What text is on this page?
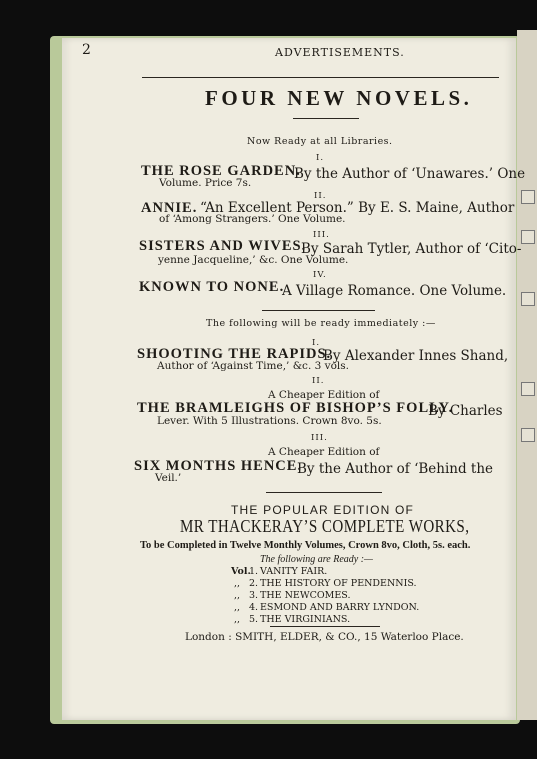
2	ADVERTISEMENTS.
FOUR NEW NOVELS.
Now Ready at all Libraries.
I.
THE ROSE GARDEN.
By the Author of ‘Unawares.’ One
Volume. Price 7s.
II.
ANNIE. “An Excellent Person.” By E. S. Maine, Author
of ‘Among Strangers.’ One Volume.
III.
SISTERS AND WIVES.
By Sarah Tytler, Author of ‘Cito-
yenne Jacqueline,’ &c. One Volume.
IV.
KNOWN TO NONE.
A Village Romance. One Volume.
The following will be ready immediately :—
I.
SHOOTING THE RAPIDS.
By Alexander Innes Shand,
Author of ‘Against Time,’ &c. 3 vols.
II.
A Cheaper Edition of
THE BRAMLEIGHS OF BISHOP’S FOLLY.
By Charles
Lever. With 5 Illustrations. Crown 8vo. 5s.
III.
A Cheaper Edition of
SIX MONTHS HENCE.
By the Author of ‘Behind the
Veil.’
THE POPULAR EDITION OF
MR THACKERAY’S COMPLETE WORKS,
To be Completed in Twelve Monthly Volumes, Crown 8vo, Cloth, 5s. each.
The following are Ready :—
Vol.
1. VANITY FAIR.
,, 2. THE HISTORY OF PENDENNIS.
,, 3. THE NEWCOMES.
,, 4. ESMOND AND BARRY LYNDON.
,, 5. THE VIRGINIANS.
London : SMITH, ELDER, & CO., 15 Waterloo Place.
